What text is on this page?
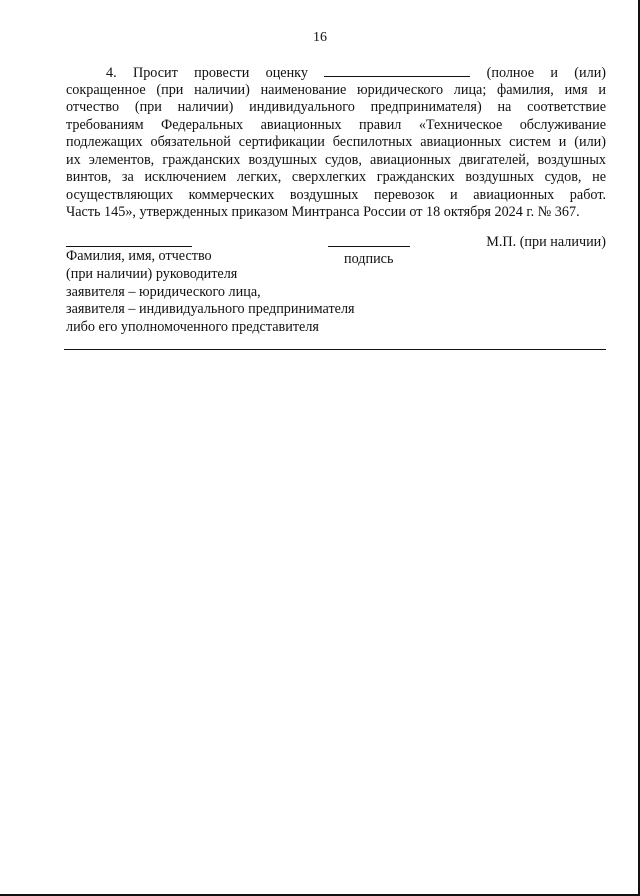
16
4. Просит провести оценку	(полное и (или)
сокращенное (при наличии) наименование юридического лица; фамилия, имя и
отчество (при наличии) индивидуального предпринимателя) на соответствие
требованиям Федеральных авиационных правил «Техническое обслуживание
подлежащих обязательной сертификации беспилотных авиационных систем и (или)
их элементов, гражданских воздушных судов, авиационных двигателей, воздушных
винтов, за исключением легких, сверхлегких гражданских воздушных судов, не
осуществляющих коммерческих воздушных перевозок и авиационных работ.
Часть 145», утвержденных приказом Минтранса России от 18 октября 2024 г. № 367.
М.П. (при наличии)
подпись
Фамилия, имя, отчество
(при наличии) руководителя
заявителя – юридического лица,
заявителя – индивидуального предпринимателя
либо его уполномоченного представителя
